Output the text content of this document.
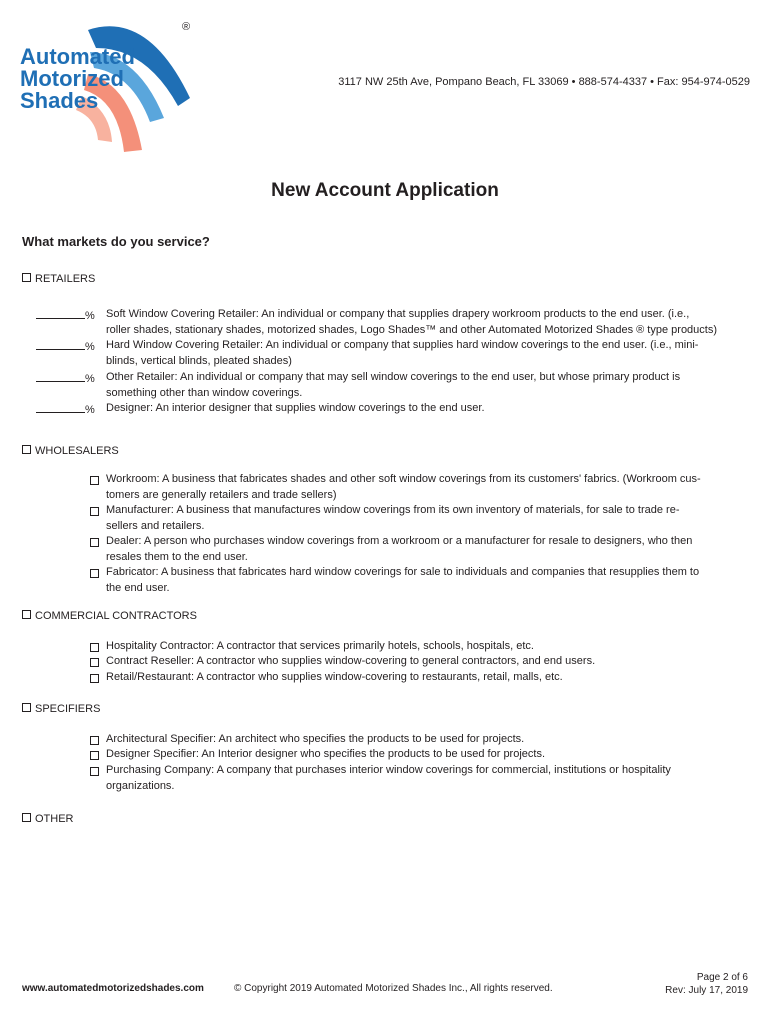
Automated
Motorized
Shades
®
3117 NW 25th Ave, Pompano Beach, FL 33069 • 888-574-4337 • Fax: 954-974-0529
New Account Application
What markets do you service?
RETAILERS
% Soft Window Covering Retailer: An individual or company that supplies drapery workroom products to the end user. (i.e.,
roller shades, stationary shades, motorized shades, Logo Shades™ and other Automated Motorized Shades ® type products)
% Hard Window Covering Retailer: An individual or company that supplies hard window coverings to the end user. (i.e., mini-
blinds, vertical blinds, pleated shades)
% Other Retailer: An individual or company that may sell window coverings to the end user, but whose primary product is
something other than window coverings.
% Designer: An interior designer that supplies window coverings to the end user.
WHOLESALERS
Workroom: A business that fabricates shades and other soft window coverings from its customers' fabrics. (Workroom cus-
tomers are generally retailers and trade sellers)
Manufacturer: A business that manufactures window coverings from its own inventory of materials, for sale to trade re-
sellers and retailers.
Dealer: A person who purchases window coverings from a workroom or a manufacturer for resale to designers, who then
resales them to the end user.
Fabricator: A business that fabricates hard window coverings for sale to individuals and companies that resupplies them to
the end user.
COMMERCIAL CONTRACTORS
Hospitality Contractor: A contractor that services primarily hotels, schools, hospitals, etc.
Contract Reseller: A contractor who supplies window-covering to general contractors, and end users.
Retail/Restaurant: A contractor who supplies window-covering to restaurants, retail, malls, etc.
SPECIFIERS
Architectural Specifier: An architect who specifies the products to be used for projects.
Designer Specifier: An Interior designer who specifies the products to be used for projects.
Purchasing Company: A company that purchases interior window coverings for commercial, institutions or hospitality
organizations.
OTHER
www.automatedmotorizedshades.com	© Copyright 2019 Automated Motorized Shades Inc., All rights reserved.
Page 2 of 6
Rev: July 17, 2019
